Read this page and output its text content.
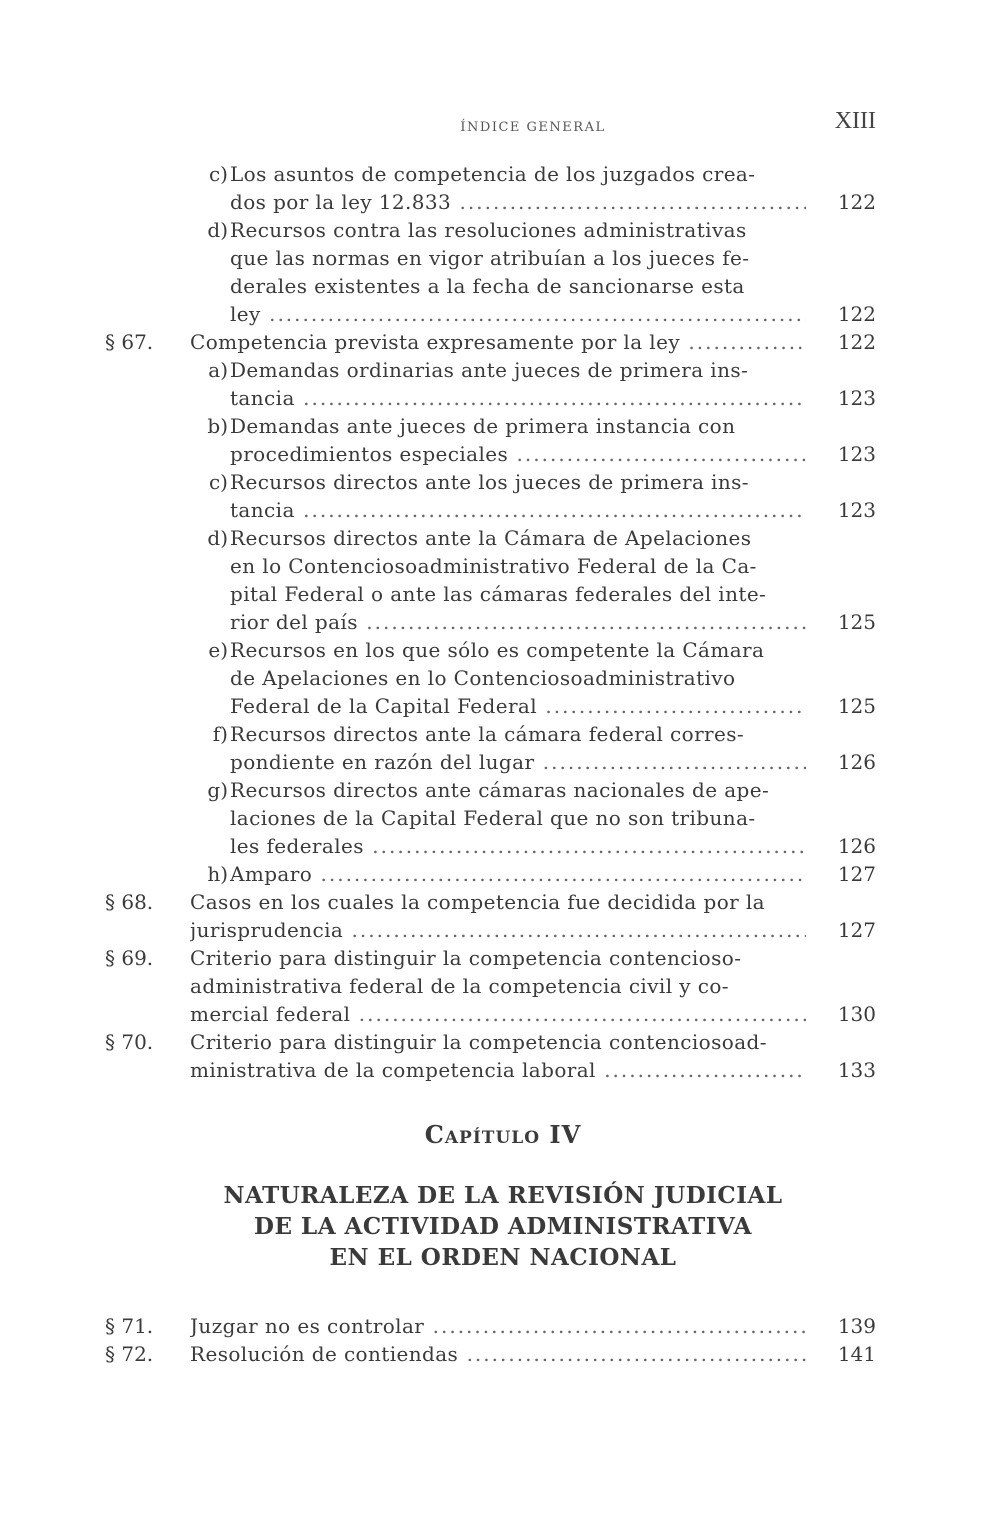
ÍNDICE GENERAL	XIII
c) Los asuntos de competencia de los juzgados crea-
dos por la ley 12.833 .....	122
d) Recursos contra las resoluciones administrativas
que las normas en vigor atribuían a los jueces fe-
derales existentes a la fecha de sancionarse esta
ley .....	122
§ 67.	Competencia prevista expresamente por la ley .....	122
a) Demandas ordinarias ante jueces de primera ins-
tancia .....	123
b) Demandas ante jueces de primera instancia con
procedimientos especiales .....	123
c) Recursos directos ante los jueces de primera ins-
tancia .....	123
d) Recursos directos ante la Cámara de Apelaciones
en lo Contenciosoadministrativo Federal de la Ca-
pital Federal o ante las cámaras federales del inte-
rior del país .....	125
e) Recursos en los que sólo es competente la Cámara
de Apelaciones en lo Contenciosoadministrativo
Federal de la Capital Federal .....	125
f) Recursos directos ante la cámara federal corres-
pondiente en razón del lugar .....	126
g) Recursos directos ante cámaras nacionales de ape-
laciones de la Capital Federal que no son tribuna-
les federales .....	126
h) Amparo .....	127
§ 68.	Casos en los cuales la competencia fue decidida por la
jurisprudencia .....	127
§ 69.	Criterio para distinguir la competencia contencioso-
administrativa federal de la competencia civil y co-
mercial federal .....	130
§ 70.	Criterio para distinguir la competencia contenciosoad-
ministrativa de la competencia laboral .....	133
Capítulo IV
NATURALEZA DE LA REVISIÓN JUDICIAL
DE LA ACTIVIDAD ADMINISTRATIVA
EN EL ORDEN NACIONAL
§ 71.	Juzgar no es controlar .....	139
§ 72.	Resolución de contiendas .....	141
